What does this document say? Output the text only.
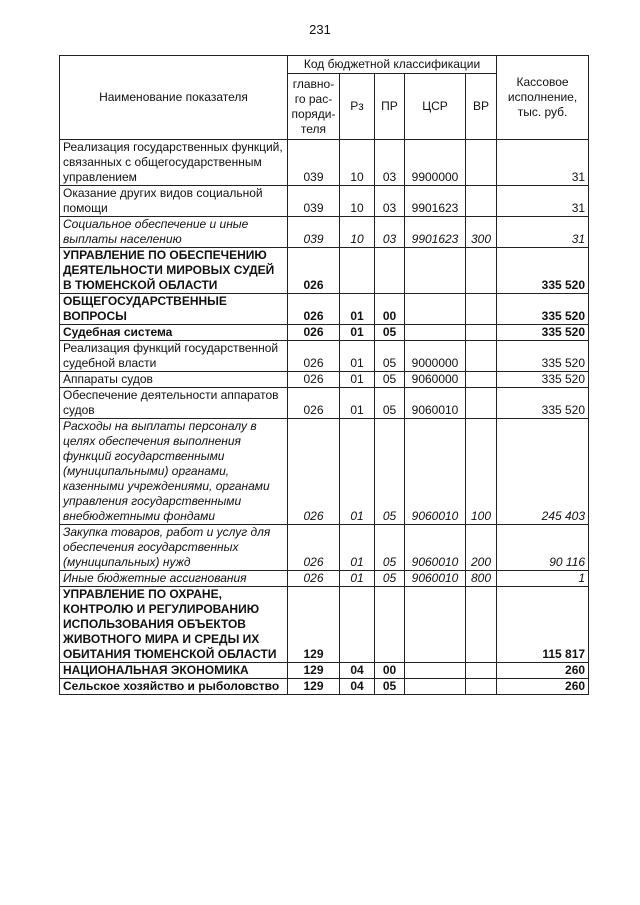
231
Наименование показателя	Код бюджетной классификации					Кассовое исполнение, тыс. руб.
	главно-го рас-поряди-теля	Рз	ПР	ЦСР	ВР	
Реализация государственных функций, связанных с общегосударственным управлением	039	10	03	9900000		31
Оказание других видов социальной помощи	039	10	03	9901623		31
Социальное обеспечение и иные выплаты населению	039	10	03	9901623	300	31
УПРАВЛЕНИЕ ПО ОБЕСПЕЧЕНИЮ ДЕЯТЕЛЬНОСТИ МИРОВЫХ СУДЕЙ В ТЮМЕНСКОЙ ОБЛАСТИ	026					335 520
ОБЩЕГОСУДАРСТВЕННЫЕ ВОПРОСЫ	026	01	00			335 520
Судебная система	026	01	05			335 520
Реализация функций государственной судебной власти	026	01	05	9000000		335 520
Аппараты судов	026	01	05	9060000		335 520
Обеспечение деятельности аппаратов судов	026	01	05	9060010		335 520
Расходы на выплаты персоналу в целях обеспечения выполнения функций государственными (муниципальными) органами, казенными учреждениями, органами управления государственными внебюджетными фондами	026	01	05	9060010	100	245 403
Закупка товаров, работ и услуг для обеспечения государственных (муниципальных) нужд	026	01	05	9060010	200	90 116
Иные бюджетные ассигнования	026	01	05	9060010	800	1
УПРАВЛЕНИЕ ПО ОХРАНЕ, КОНТРОЛЮ И РЕГУЛИРОВАНИЮ ИСПОЛЬЗОВАНИЯ ОБЪЕКТОВ ЖИВОТНОГО МИРА И СРЕДЫ ИХ ОБИТАНИЯ ТЮМЕНСКОЙ ОБЛАСТИ	129					115 817
НАЦИОНАЛЬНАЯ ЭКОНОМИКА	129	04	00			260
Сельское хозяйство и рыболовство	129	04	05			260
